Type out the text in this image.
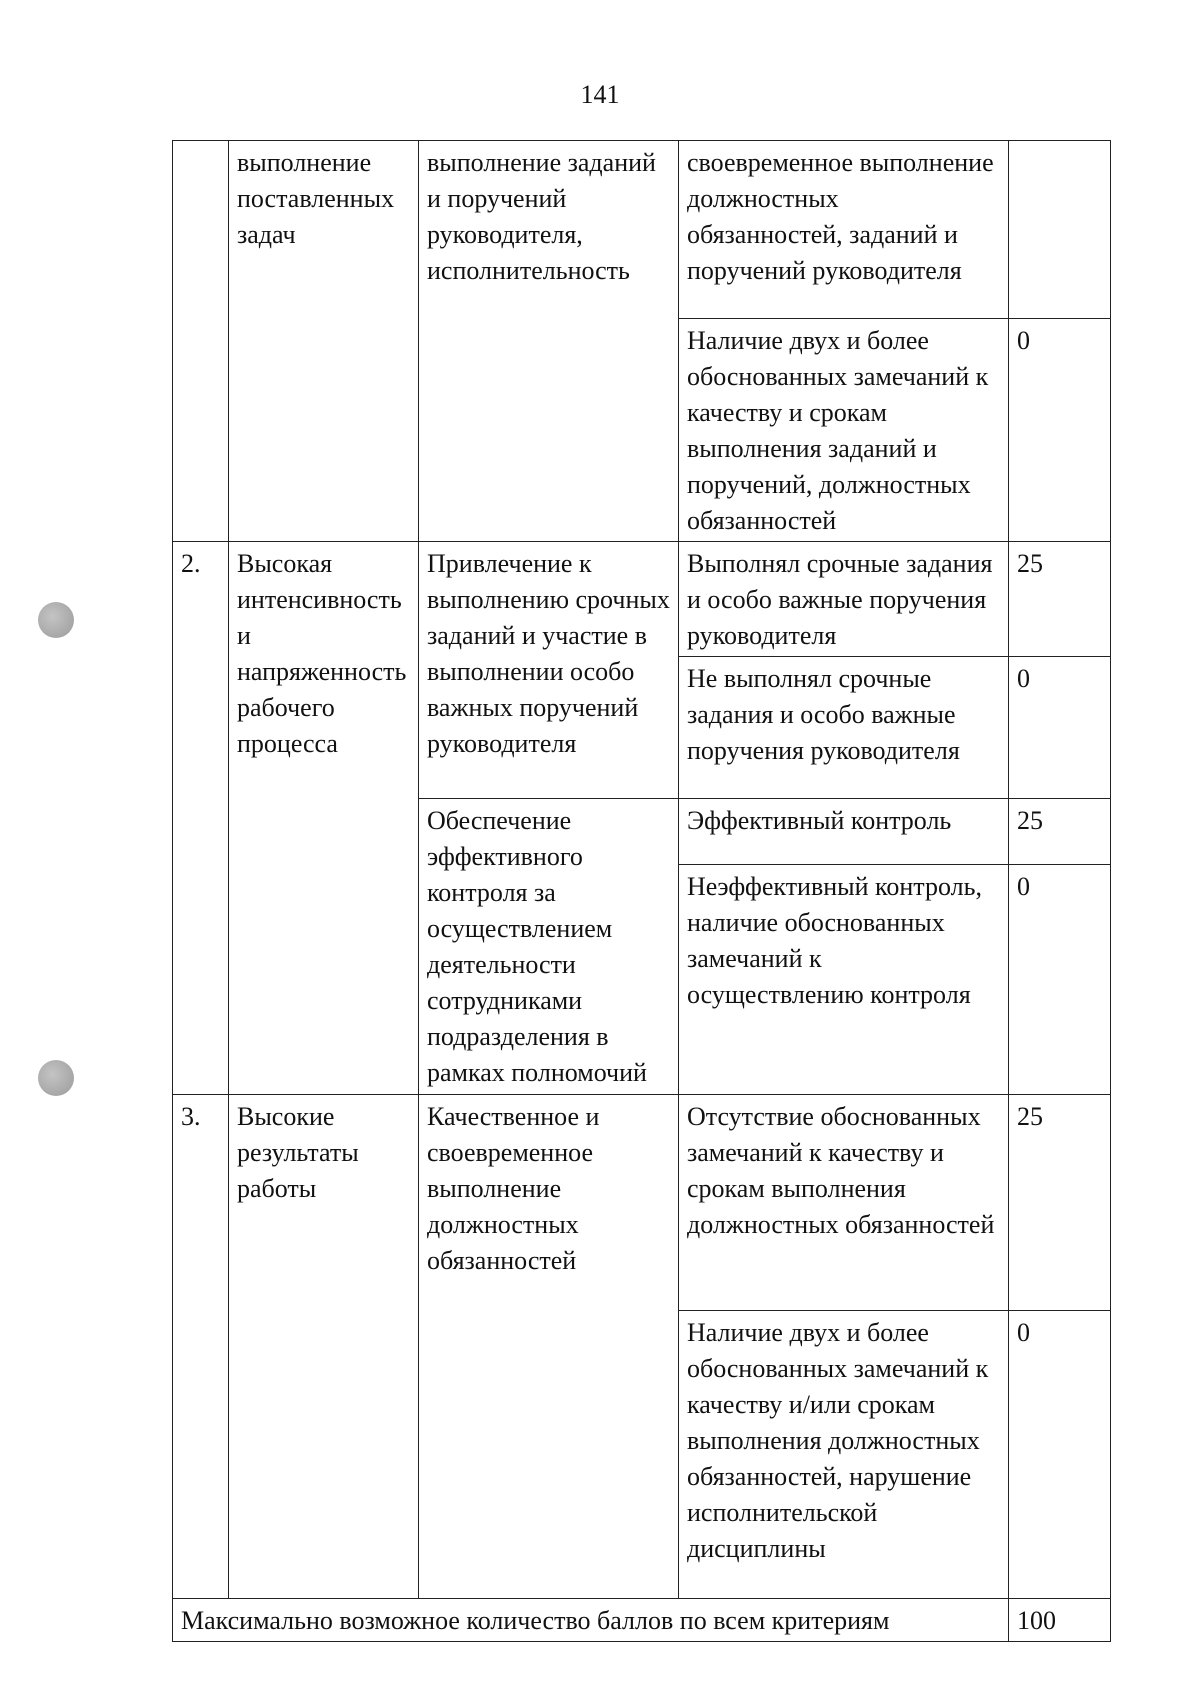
141
	выполнение поставленных задач	выполнение заданий и поручений руководителя, исполнительность	своевременное выполнение должностных обязанностей, заданий и поручений руководителя	
			Наличие двух и более обоснованных замечаний к качеству и срокам выполнения заданий и поручений, должностных обязанностей	0
2.	Высокая интенсивность и напряженность рабочего процесса	Привлечение к выполнению срочных заданий и участие в выполнении особо важных поручений руководителя	Выполнял срочные задания и особо важные поручения руководителя	25
			Не выполнял срочные задания и особо важные поручения руководителя	0
		Обеспечение эффективного контроля за осуществлением деятельности сотрудниками подразделения в рамках полномочий	Эффективный контроль	25
			Неэффективный контроль, наличие обоснованных замечаний к осуществлению контроля	0
3.	Высокие результаты работы	Качественное и своевременное выполнение должностных обязанностей	Отсутствие обоснованных замечаний к качеству и срокам выполнения должностных обязанностей	25
			Наличие двух и более обоснованных замечаний к качеству и/или срокам выполнения должностных обязанностей, нарушение исполнительской дисциплины	0
Максимально возможное количество баллов по всем критериям				100
